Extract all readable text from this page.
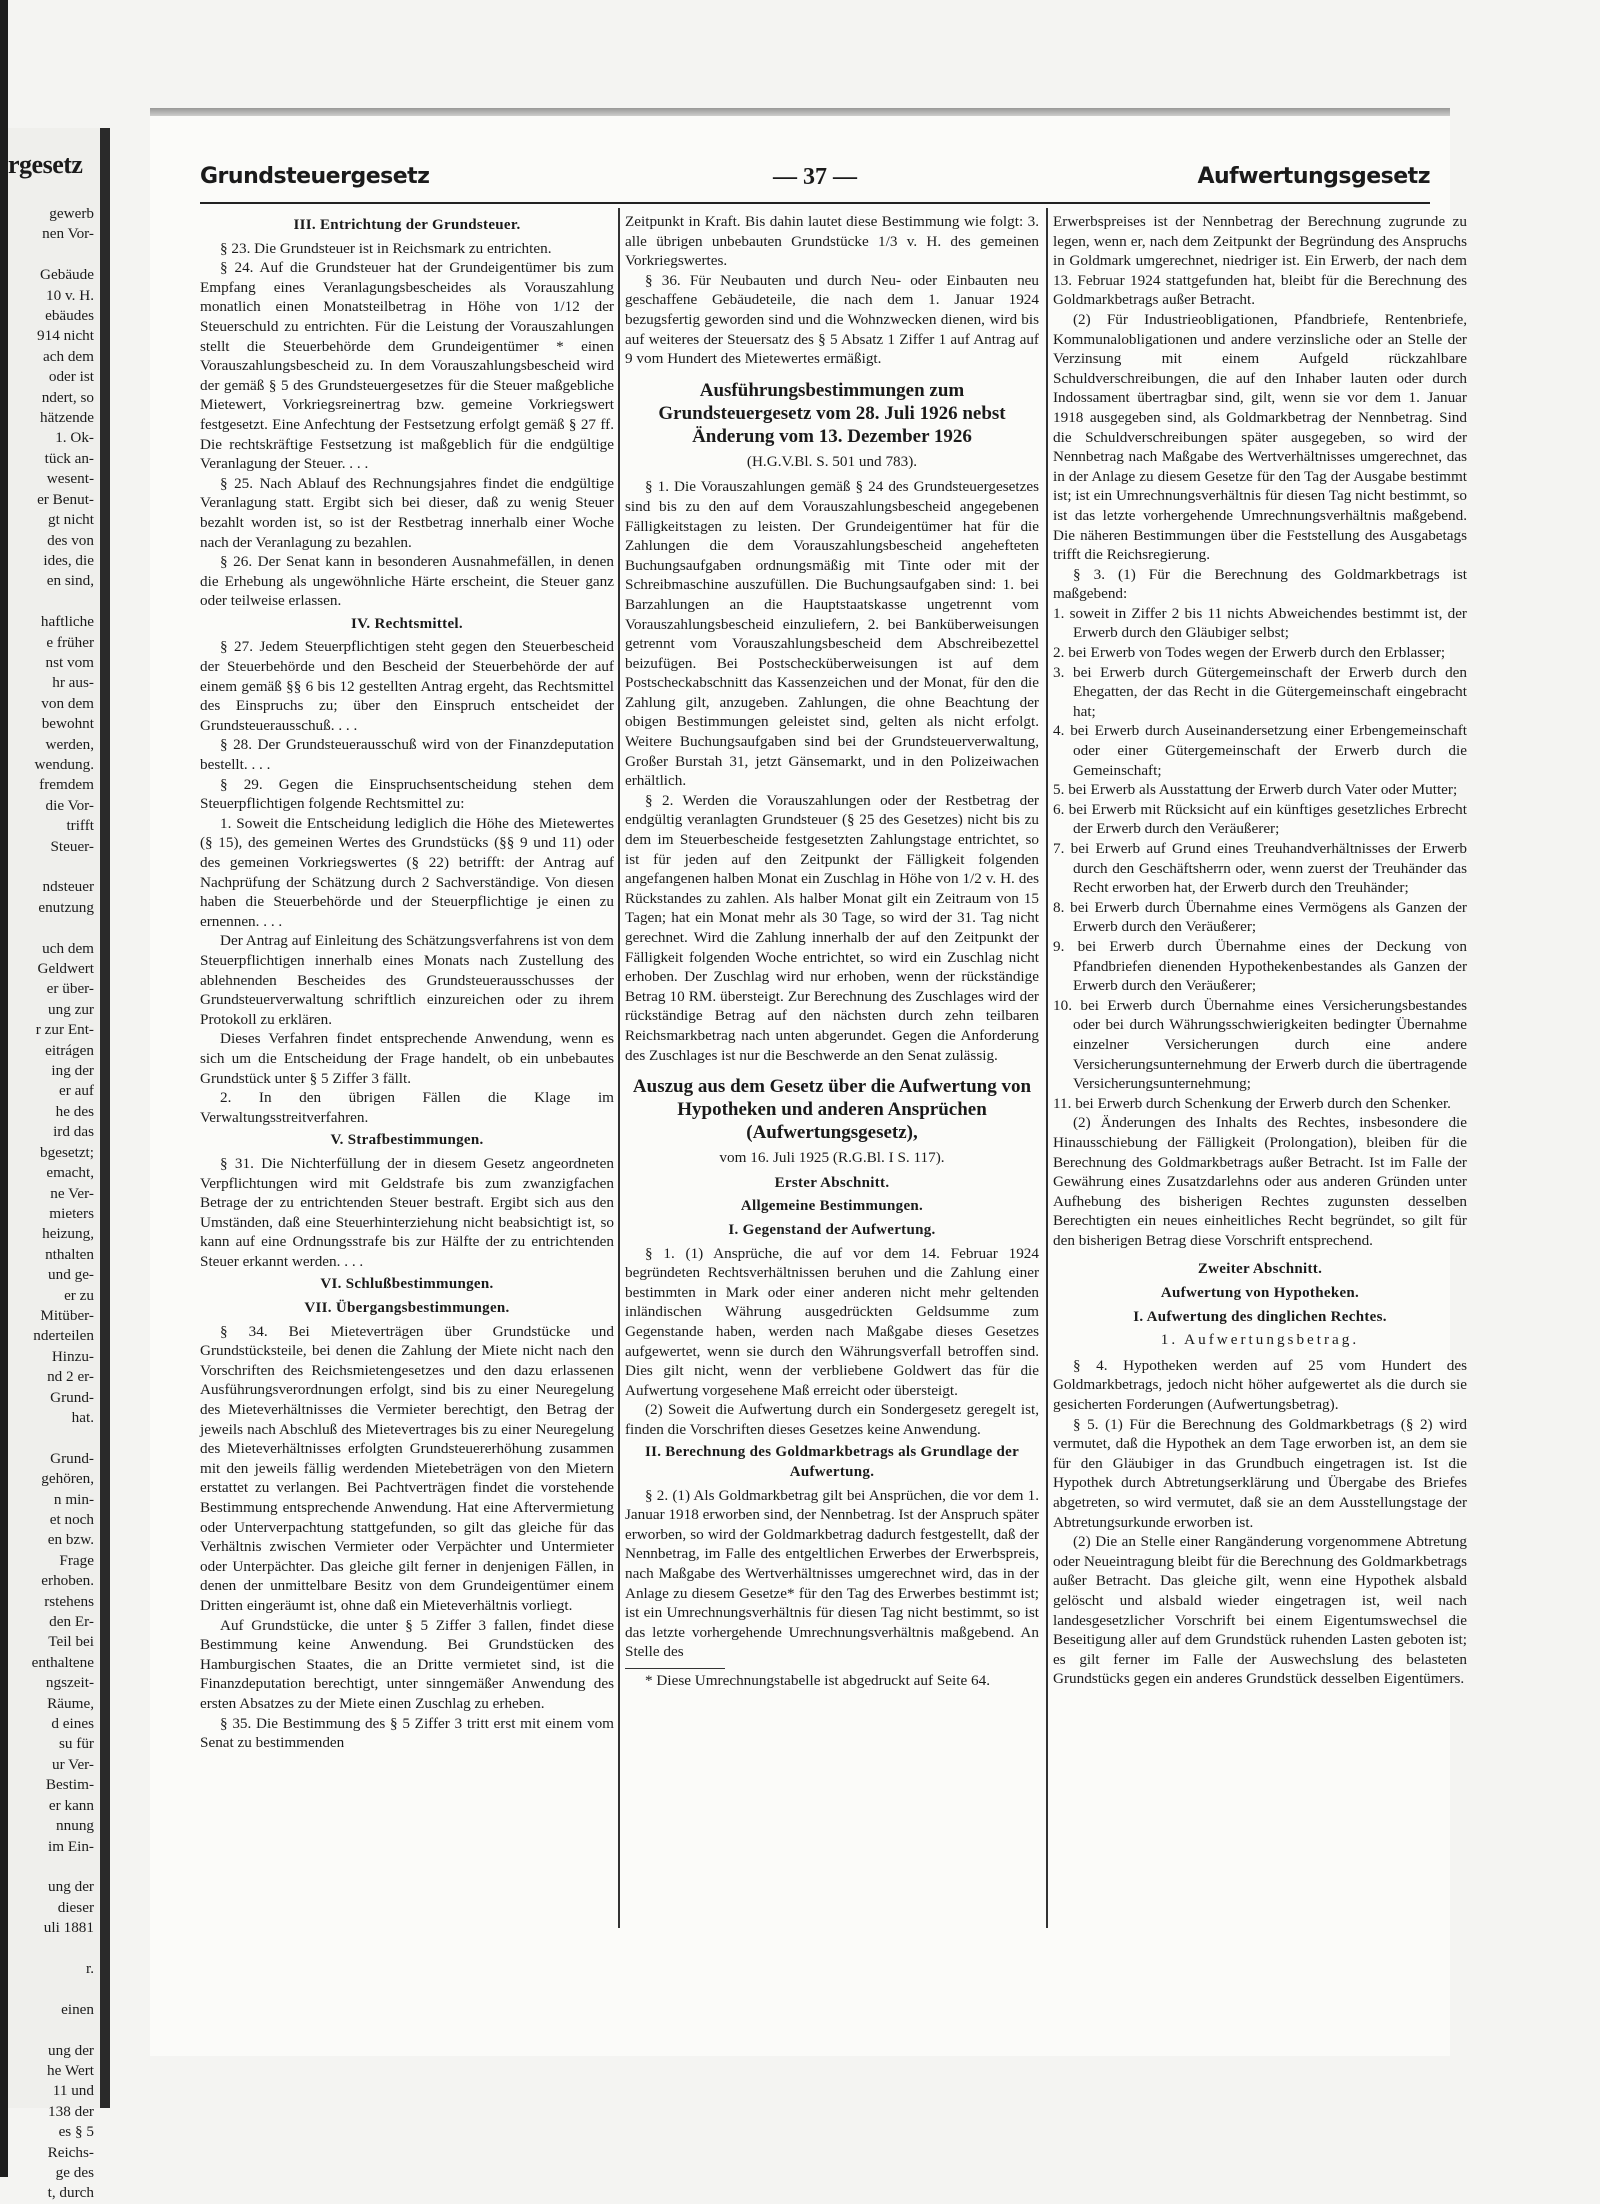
rgesetz
gewerb
nen Vor-

Gebäude
10 v. H.
ebäudes
914 nicht
ach dem
oder ist
ndert, so
hätzende
1. Ok-
tück an-
wesent-
er Benut-
gt nicht
des von
ides, die
en sind,

haftliche
e früher
nst vom
hr aus-
von dem
bewohnt
werden,
wendung.
fremdem
die Vor-
trifft
Steuer-

ndsteuer
enutzung

uch dem
Geldwert
er über-
ung zur
r zur Ent-
eitrágen
ing der
er auf
he des
ird das
bgesetzt;
emacht,
ne Ver-
mieters
heizung,
nthalten
und ge-
er zu
Mitüber-
nderteilen
Hinzu-
nd 2 er-
Grund-
hat.

Grund-
gehören,
n min-
et noch
en bzw.
Frage
erhoben.
rstehens
den Er-
Teil bei
enthaltene
ngszeit-
Räume,
d eines
su für
ur Ver-
Bestim-
er kann
nnung
im Ein-

ung der
dieser
uli 1881

r.

einen

ung der
he Wert
11 und
138 der
es § 5
Reichs-
ge des
t, durch
Grundsteuergesetz	— 37 —	Aufwertungsgesetz
III. Entrichtung der Grundsteuer.

§ 23. Die Grundsteuer ist in Reichsmark zu entrichten.

§ 24. Auf die Grundsteuer hat der Grundeigentümer bis zum Empfang eines Veranlagungsbescheides als Vorauszahlung monatlich einen Monatsteilbetrag in Höhe von 1/12 der Steuerschuld zu entrichten. Für die Leistung der Vorauszahlungen stellt die Steuerbehörde dem Grundeigentümer * einen Vorauszahlungsbescheid zu. In dem Vorauszahlungsbescheid wird der gemäß § 5 des Grundsteuergesetzes für die Steuer maßgebliche Mietewert, Vorkriegsreinertrag bzw. gemeine Vorkriegswert festgesetzt. Eine Anfechtung der Festsetzung erfolgt gemäß § 27 ff. Die rechtskräftige Festsetzung ist maßgeblich für die endgültige Veranlagung der Steuer. . . .

§ 25. Nach Ablauf des Rechnungsjahres findet die endgültige Veranlagung statt. Ergibt sich bei dieser, daß zu wenig Steuer bezahlt worden ist, so ist der Restbetrag innerhalb einer Woche nach der Veranlagung zu bezahlen.

§ 26. Der Senat kann in besonderen Ausnahmefällen, in denen die Erhebung als ungewöhnliche Härte erscheint, die Steuer ganz oder teilweise erlassen.

IV. Rechtsmittel.

§ 27. Jedem Steuerpflichtigen steht gegen den Steuerbescheid der Steuerbehörde und den Bescheid der Steuerbehörde der auf einem gemäß §§ 6 bis 12 gestellten Antrag ergeht, das Rechtsmittel des Einspruchs zu; über den Einspruch entscheidet der Grundsteuerausschuß. . . .

§ 28. Der Grundsteuerausschuß wird von der Finanzdeputation bestellt. . . .

§ 29. Gegen die Einspruchsentscheidung stehen dem Steuerpflichtigen folgende Rechtsmittel zu:

1. Soweit die Entscheidung lediglich die Höhe des Mietewertes (§ 15), des gemeinen Wertes des Grundstücks (§§ 9 und 11) oder des gemeinen Vorkriegswertes (§ 22) betrifft: der Antrag auf Nachprüfung der Schätzung durch 2 Sachverständige. Von diesen haben die Steuerbehörde und der Steuerpflichtige je einen zu ernennen. . . .

Der Antrag auf Einleitung des Schätzungsverfahrens ist von dem Steuerpflichtigen innerhalb eines Monats nach Zustellung des ablehnenden Bescheides des Grundsteuerausschusses der Grundsteuerverwaltung schriftlich einzureichen oder zu ihrem Protokoll zu erklären.

Dieses Verfahren findet entsprechende Anwendung, wenn es sich um die Entscheidung der Frage handelt, ob ein unbebautes Grundstück unter § 5 Ziffer 3 fällt.

2. In den übrigen Fällen die Klage im Verwaltungsstreitverfahren.

V. Strafbestimmungen.

§ 31. Die Nichterfüllung der in diesem Gesetz angeordneten Verpflichtungen wird mit Geldstrafe bis zum zwanzigfachen Betrage der zu entrichtenden Steuer bestraft. Ergibt sich aus den Umständen, daß eine Steuerhinterziehung nicht beabsichtigt ist, so kann auf eine Ordnungsstrafe bis zur Hälfte der zu entrichtenden Steuer erkannt werden. . . .

VI. Schlußbestimmungen.
VII. Übergangsbestimmungen.

§ 34. Bei Mieteverträgen über Grundstücke und Grundstücksteile, bei denen die Zahlung der Miete nicht nach den Vorschriften des Reichsmietengesetzes und den dazu erlassenen Ausführungsverordnungen erfolgt, sind bis zu einer Neuregelung des Mieteverhältnisses die Vermieter berechtigt, den Betrag der jeweils nach Abschluß des Mietevertrages bis zu einer Neuregelung des Mieteverhältnisses erfolgten Grundsteuererhöhung zusammen mit den jeweils fällig werdenden Mietebeträgen von den Mietern erstattet zu verlangen. Bei Pachtverträgen findet die vorstehende Bestimmung entsprechende Anwendung. Hat eine Aftervermietung oder Unterverpachtung stattgefunden, so gilt das gleiche für das Verhältnis zwischen Vermieter oder Verpächter und Untermieter oder Unterpächter. Das gleiche gilt ferner in denjenigen Fällen, in denen der unmittelbare Besitz von dem Grundeigentümer einem Dritten eingeräumt ist, ohne daß ein Mieteverhältnis vorliegt.

Auf Grundstücke, die unter § 5 Ziffer 3 fallen, findet diese Bestimmung keine Anwendung. Bei Grundstücken des Hamburgischen Staates, die an Dritte vermietet sind, ist die Finanzdeputation berechtigt, unter sinngemäßer Anwendung des ersten Absatzes zu der Miete einen Zuschlag zu erheben.

§ 35. Die Bestimmung des § 5 Ziffer 3 tritt erst mit einem vom Senat zu bestimmenden

Zeitpunkt in Kraft. Bis dahin lautet diese Bestimmung wie folgt: 3. alle übrigen unbebauten Grundstücke 1/3 v. H. des gemeinen Vorkriegswertes.

§ 36. Für Neubauten und durch Neu- oder Einbauten neu geschaffene Gebäudeteile, die nach dem 1. Januar 1924 bezugsfertig geworden sind und die Wohnzwecken dienen, wird bis auf weiteres der Steuersatz des § 5 Absatz 1 Ziffer 1 auf Antrag auf 9 vom Hundert des Mietewertes ermäßigt.

Ausführungsbestimmungen zum Grundsteuergesetz vom 28. Juli 1926 nebst Änderung vom 13. Dezember 1926
(H.G.V.Bl. S. 501 und 783).

§ 1. Die Vorauszahlungen gemäß § 24 des Grundsteuergesetzes sind bis zu den auf dem Vorauszahlungsbescheid angegebenen Fälligkeitstagen zu leisten. Der Grundeigentümer hat für die Zahlungen die dem Vorauszahlungsbescheid angehefteten Buchungsaufgaben ordnungsmäßig mit Tinte oder mit der Schreibmaschine auszufüllen. Die Buchungsaufgaben sind: 1. bei Barzahlungen an die Hauptstaatskasse ungetrennt vom Vorauszahlungsbescheid einzuliefern, 2. bei Banküberweisungen getrennt vom Vorauszahlungsbescheid dem Abschreibezettel beizufügen. Bei Postschecküberweisungen ist auf dem Postscheckabschnitt das Kassenzeichen und der Monat, für den die Zahlung gilt, anzugeben. Zahlungen, die ohne Beachtung der obigen Bestimmungen geleistet sind, gelten als nicht erfolgt. Weitere Buchungsaufgaben sind bei der Grundsteuerverwaltung, Großer Burstah 31, jetzt Gänsemarkt, und in den Polizeiwachen erhältlich.

§ 2. Werden die Vorauszahlungen oder der Restbetrag der endgültig veranlagten Grundsteuer (§ 25 des Gesetzes) nicht bis zu dem im Steuerbescheide festgesetzten Zahlungstage entrichtet, so ist für jeden auf den Zeitpunkt der Fälligkeit folgenden angefangenen halben Monat ein Zuschlag in Höhe von 1/2 v. H. des Rückstandes zu zahlen. Als halber Monat gilt ein Zeitraum von 15 Tagen; hat ein Monat mehr als 30 Tage, so wird der 31. Tag nicht gerechnet. Wird die Zahlung innerhalb der auf den Zeitpunkt der Fälligkeit folgenden Woche entrichtet, so wird ein Zuschlag nicht erhoben. Der Zuschlag wird nur erhoben, wenn der rückständige Betrag 10 RM. übersteigt. Zur Berechnung des Zuschlages wird der rückständige Betrag auf den nächsten durch zehn teilbaren Reichsmarkbetrag nach unten abgerundet. Gegen die Anforderung des Zuschlages ist nur die Beschwerde an den Senat zulässig.

Auszug aus dem Gesetz über die Aufwertung von Hypotheken und anderen Ansprüchen (Aufwertungsgesetz),
vom 16. Juli 1925 (R.G.Bl. I S. 117).
Erster Abschnitt.
Allgemeine Bestimmungen.
I. Gegenstand der Aufwertung.

§ 1. (1) Ansprüche, die auf vor dem 14. Februar 1924 begründeten Rechtsverhältnissen beruhen und die Zahlung einer bestimmten in Mark oder einer anderen nicht mehr geltenden inländischen Währung ausgedrückten Geldsumme zum Gegenstande haben, werden nach Maßgabe dieses Gesetzes aufgewertet, wenn sie durch den Währungsverfall betroffen sind. Dies gilt nicht, wenn der verbliebene Goldwert das für die Aufwertung vorgesehene Maß erreicht oder übersteigt.

(2) Soweit die Aufwertung durch ein Sondergesetz geregelt ist, finden die Vorschriften dieses Gesetzes keine Anwendung.

II. Berechnung des Goldmarkbetrags als Grundlage der Aufwertung.

§ 2. (1) Als Goldmarkbetrag gilt bei Ansprüchen, die vor dem 1. Januar 1918 erworben sind, der Nennbetrag. Ist der Anspruch später erworben, so wird der Goldmarkbetrag dadurch festgestellt, daß der Nennbetrag, im Falle des entgeltlichen Erwerbes der Erwerbspreis, nach Maßgabe des Wertverhältnisses umgerechnet wird, das in der Anlage zu diesem Gesetze* für den Tag des Erwerbes bestimmt ist; ist ein Umrechnungsverhältnis für diesen Tag nicht bestimmt, so ist das letzte vorhergehende Umrechnungsverhältnis maßgebend. An Stelle des

* Diese Umrechnungstabelle ist abgedruckt auf Seite 64.

Erwerbspreises ist der Nennbetrag der Berechnung zugrunde zu legen, wenn er, nach dem Zeitpunkt der Begründung des Anspruchs in Goldmark umgerechnet, niedriger ist. Ein Erwerb, der nach dem 13. Februar 1924 stattgefunden hat, bleibt für die Berechnung des Goldmarkbetrags außer Betracht.

(2) Für Industrieobligationen, Pfandbriefe, Rentenbriefe, Kommunalobligationen und andere verzinsliche oder an Stelle der Verzinsung mit einem Aufgeld rückzahlbare Schuldverschreibungen, die auf den Inhaber lauten oder durch Indossament übertragbar sind, gilt, wenn sie vor dem 1. Januar 1918 ausgegeben sind, als Goldmarkbetrag der Nennbetrag. Sind die Schuldverschreibungen später ausgegeben, so wird der Nennbetrag nach Maßgabe des Wertverhältnisses umgerechnet, das in der Anlage zu diesem Gesetze für den Tag der Ausgabe bestimmt ist; ist ein Umrechnungsverhältnis für diesen Tag nicht bestimmt, so ist das letzte vorhergehende Umrechnungsverhältnis maßgebend. Die näheren Bestimmungen über die Feststellung des Ausgabetags trifft die Reichsregierung.

§ 3. (1) Für die Berechnung des Goldmarkbetrags ist maßgebend:

1. soweit in Ziffer 2 bis 11 nichts Abweichendes bestimmt ist, der Erwerb durch den Gläubiger selbst;

2. bei Erwerb von Todes wegen der Erwerb durch den Erblasser;

3. bei Erwerb durch Gütergemeinschaft der Erwerb durch den Ehegatten, der das Recht in die Gütergemeinschaft eingebracht hat;

4. bei Erwerb durch Auseinandersetzung einer Erbengemeinschaft oder einer Gütergemeinschaft der Erwerb durch die Gemeinschaft;

5. bei Erwerb als Ausstattung der Erwerb durch Vater oder Mutter;

6. bei Erwerb mit Rücksicht auf ein künftiges gesetzliches Erbrecht der Erwerb durch den Veräußerer;

7. bei Erwerb auf Grund eines Treuhandverhältnisses der Erwerb durch den Geschäftsherrn oder, wenn zuerst der Treuhänder das Recht erworben hat, der Erwerb durch den Treuhänder;

8. bei Erwerb durch Übernahme eines Vermögens als Ganzen der Erwerb durch den Veräußerer;

9. bei Erwerb durch Übernahme eines der Deckung von Pfandbriefen dienenden Hypothekenbestandes als Ganzen der Erwerb durch den Veräußerer;

10. bei Erwerb durch Übernahme eines Versicherungsbestandes oder bei durch Währungsschwierigkeiten bedingter Übernahme einzelner Versicherungen durch eine andere Versicherungsunternehmung der Erwerb durch die übertragende Versicherungsunternehmung;

11. bei Erwerb durch Schenkung der Erwerb durch den Schenker.

(2) Änderungen des Inhalts des Rechtes, insbesondere die Hinausschiebung der Fälligkeit (Prolongation), bleiben für die Berechnung des Goldmarkbetrags außer Betracht. Ist im Falle der Gewährung eines Zusatzdarlehns oder aus anderen Gründen unter Aufhebung des bisherigen Rechtes zugunsten desselben Berechtigten ein neues einheitliches Recht begründet, so gilt für den bisherigen Betrag diese Vorschrift entsprechend.

Zweiter Abschnitt.
Aufwertung von Hypotheken.
I. Aufwertung des dinglichen Rechtes.
1. Aufwertungsbetrag.

§ 4. Hypotheken werden auf 25 vom Hundert des Goldmarkbetrags, jedoch nicht höher aufgewertet als die durch sie gesicherten Forderungen (Aufwertungsbetrag).

§ 5. (1) Für die Berechnung des Goldmarkbetrags (§ 2) wird vermutet, daß die Hypothek an dem Tage erworben ist, an dem sie für den Gläubiger in das Grundbuch eingetragen ist. Ist die Hypothek durch Abtretungserklärung und Übergabe des Briefes abgetreten, so wird vermutet, daß sie an dem Ausstellungstage der Abtretungsurkunde erworben ist.

(2) Die an Stelle einer Rangänderung vorgenommene Abtretung oder Neueintragung bleibt für die Berechnung des Goldmarkbetrags außer Betracht. Das gleiche gilt, wenn eine Hypothek alsbald gelöscht und alsbald wieder eingetragen ist, weil nach landesgesetzlicher Vorschrift bei einem Eigentumswechsel die Beseitigung aller auf dem Grundstück ruhenden Lasten geboten ist; es gilt ferner im Falle der Auswechslung des belasteten Grundstücks gegen ein anderes Grundstück desselben Eigentümers.
